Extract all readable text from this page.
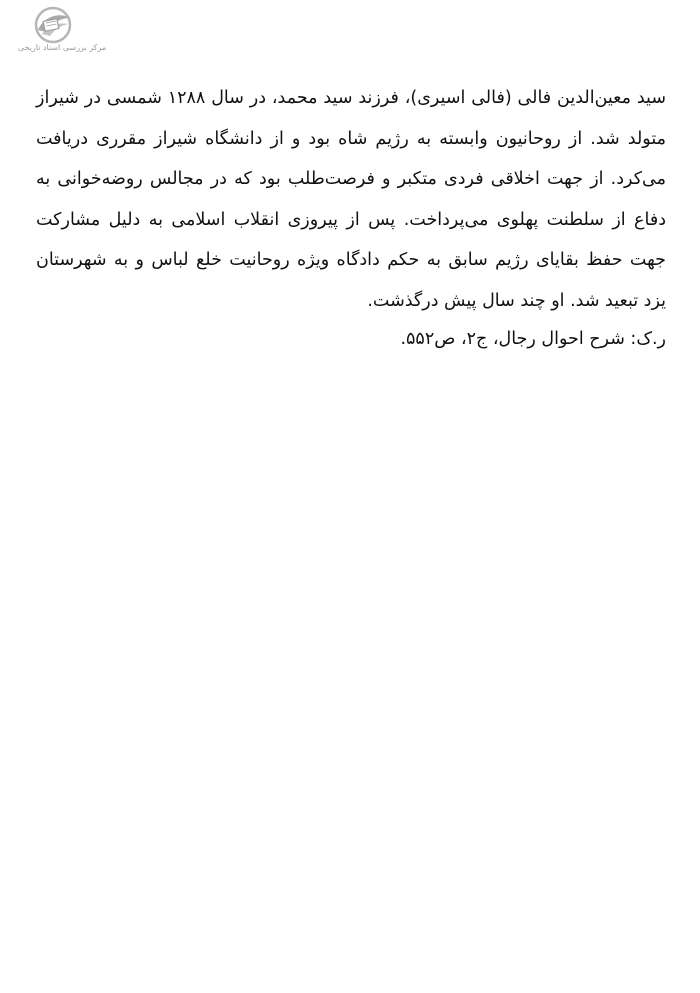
مرکز بررسی اسناد تاریخی

سید معین‌الدین فالی (فالی اسیری)، فرزند سید محمد، در سال ۱۲۸۸ شمسی در شیراز متولد شد. از روحانیون وابسته به رژیم شاه بود و از دانشگاه شیراز مقرری دریافت می‌کرد. از جهت اخلاقی فردی متکبر و فرصت‌طلب بود که در مجالس روضه‌خوانی به دفاع از سلطنت پهلوی می‌پرداخت. پس از پیروزی انقلاب اسلامی به دلیل مشارکت جهت حفظ بقایای رژیم سابق به حکم دادگاه ویژه روحانیت خلع لباس و به شهرستان یزد تبعید شد. او چند سال پیش درگذشت.

ر.ک: شرح احوال رجال، ج۲، ص۵۵۲.
